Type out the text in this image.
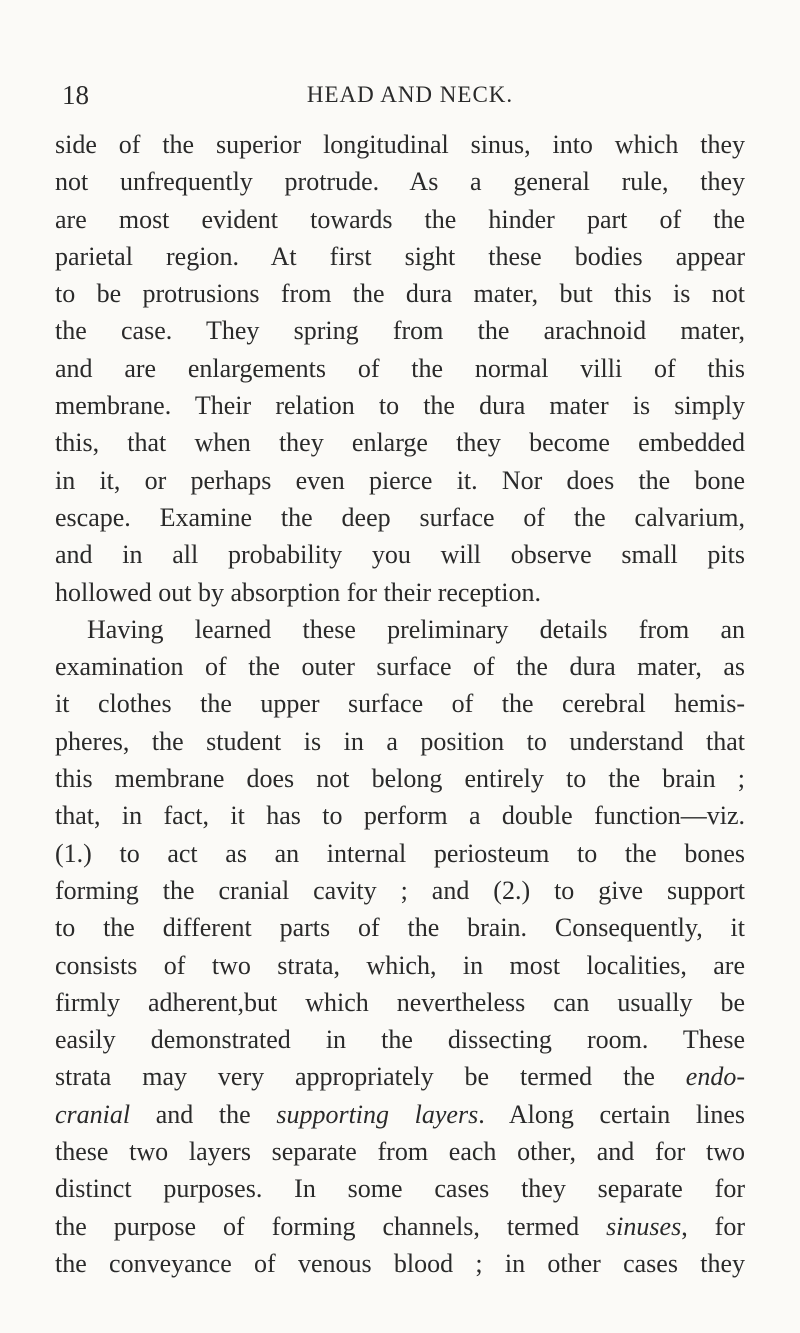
18	HEAD AND NECK.
side of the superior longitudinal sinus, into which they
not unfrequently protrude. As a general rule, they
are most evident towards the hinder part of the
parietal region. At first sight these bodies appear
to be protrusions from the dura mater, but this is not
the case. They spring from the arachnoid mater,
and are enlargements of the normal villi of this
membrane. Their relation to the dura mater is simply
this, that when they enlarge they become embedded
in it, or perhaps even pierce it. Nor does the bone
escape. Examine the deep surface of the calvarium,
and in all probability you will observe small pits
hollowed out by absorption for their reception.
Having learned these preliminary details from an
examination of the outer surface of the dura mater, as
it clothes the upper surface of the cerebral hemis-
pheres, the student is in a position to understand that
this membrane does not belong entirely to the brain ;
that, in fact, it has to perform a double function—viz.
(1.) to act as an internal periosteum to the bones
forming the cranial cavity ; and (2.) to give support
to the different parts of the brain. Consequently, it
consists of two strata, which, in most localities, are
firmly adherent,but which nevertheless can usually be
easily demonstrated in the dissecting room. These
strata may very appropriately be termed the endo-
cranial and the supporting layers. Along certain lines
these two layers separate from each other, and for two
distinct purposes. In some cases they separate for
the purpose of forming channels, termed sinuses, for
the conveyance of venous blood ; in other cases they
